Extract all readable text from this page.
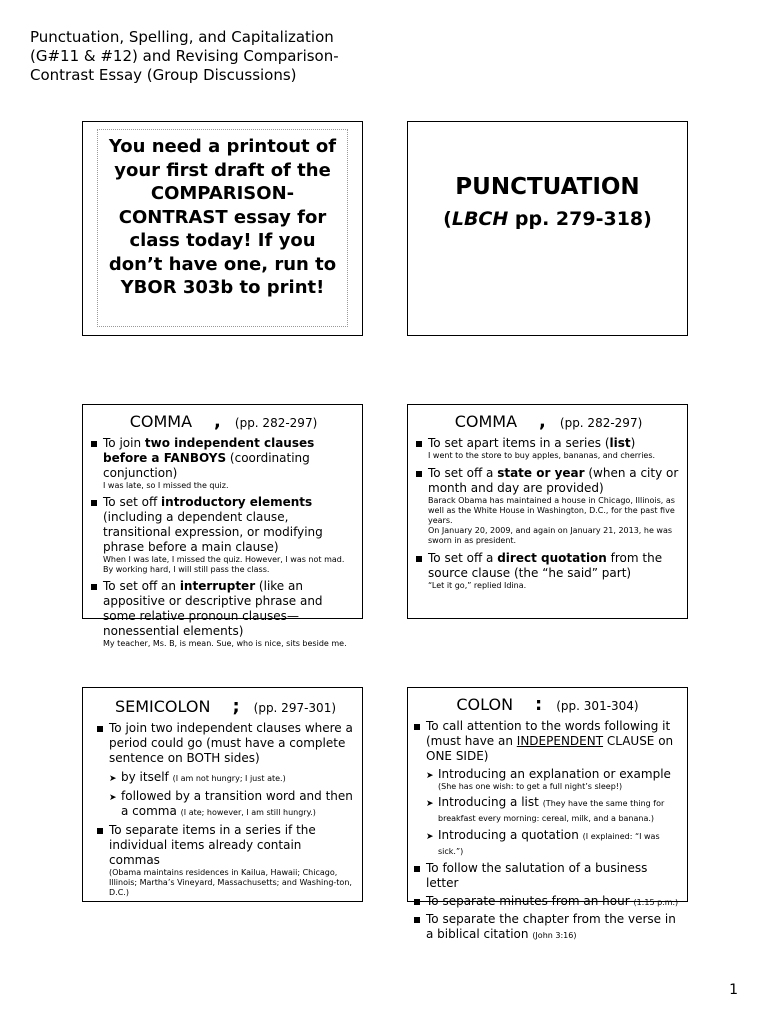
Punctuation, Spelling, and Capitalization
(G#11 & #12) and Revising Comparison-
Contrast Essay (Group Discussions)
You need a printout of
your first draft of the
COMPARISON-
CONTRAST essay for
class today! If you
don’t have one, run to
YBOR 303b to print!
PUNCTUATION
(LBCH pp. 279-318)
COMMA , (pp. 282-297)
To join two independent clauses before a FANBOYS (coordinating conjunction)
I was late, so I missed the quiz.
To set off introductory elements (including a dependent clause, transitional expression, or modifying phrase before a main clause)
When I was late, I missed the quiz. However, I was not mad.
By working hard, I will still pass the class.
To set off an interrupter (like an appositive or descriptive phrase and some relative pronoun clauses—nonessential elements)
My teacher, Ms. B, is mean. Sue, who is nice, sits beside me.
COMMA , (pp. 282-297)
To set apart items in a series (list)
I went to the store to buy apples, bananas, and cherries.
To set off a state or year (when a city or month and day are provided)
Barack Obama has maintained a house in Chicago, Illinois, as well as the White House in Washington, D.C., for the past five years.
On January 20, 2009, and again on January 21, 2013, he was sworn in as president.
To set off a direct quotation from the source clause (the “he said” part)
“Let it go,” replied Idina.
SEMICOLON ; (pp. 297-301)
To join two independent clauses where a period could go (must have a complete sentence on BOTH sides)
➤ by itself (I am not hungry; I just ate.)
➤ followed by a transition word and then a comma (I ate; however, I am still hungry.)
To separate items in a series if the individual items already contain commas
(Obama maintains residences in Kailua, Hawaii; Chicago, Illinois; Martha’s Vineyard, Massachusetts; and Washing-ton, D.C.)
COLON : (pp. 301-304)
To call attention to the words following it (must have an INDEPENDENT CLAUSE on ONE SIDE)
➤ Introducing an explanation or example
(She has one wish: to get a full night’s sleep!)
➤ Introducing a list (They have the same thing for breakfast every morning: cereal, milk, and a banana.)
➤ Introducing a quotation (I explained: “I was sick.”)
To follow the salutation of a business letter
To separate minutes from an hour (1:15 p.m.)
To separate the chapter from the verse in a biblical citation (John 3:16)
1
